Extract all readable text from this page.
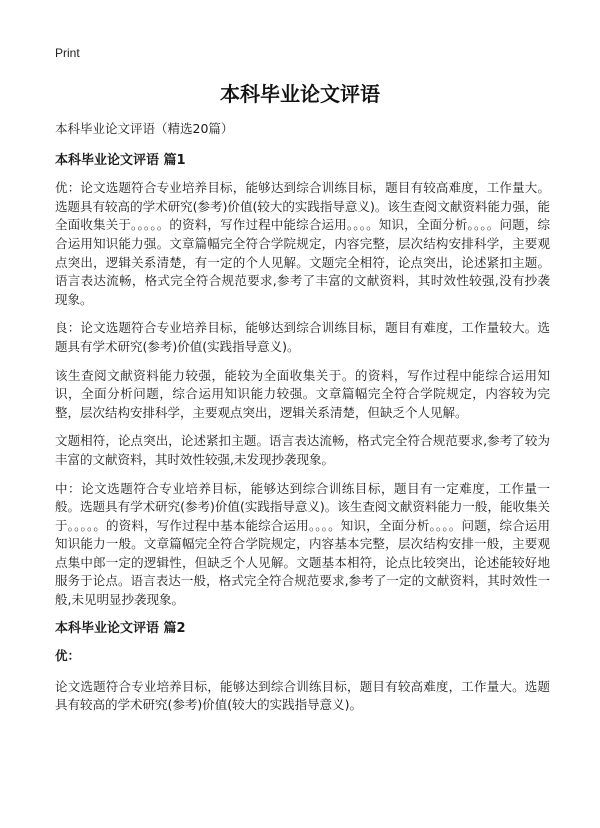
Print
本科毕业论文评语

本科毕业论文评语（精选20篇）

本科毕业论文评语 篇1

优：论文选题符合专业培养目标，能够达到综合训练目标，题目有较高难度，工作量大。选题具有较高的学术研究(参考)价值(较大的实践指导意义)。该生查阅文献资料能力强，能全面收集关于。。。。。的资料，写作过程中能综合运用。。。。知识，全面分析。。。。问题，综合运用知识能力强。文章篇幅完全符合学院规定，内容完整，层次结构安排科学，主要观点突出，逻辑关系清楚，有一定的个人见解。文题完全相符，论点突出，论述紧扣主题。语言表达流畅，格式完全符合规范要求,参考了丰富的文献资料，其时效性较强,没有抄袭现象。

良：论文选题符合专业培养目标，能够达到综合训练目标，题目有难度，工作量较大。选题具有学术研究(参考)价值(实践指导意义)。

该生查阅文献资料能力较强，能较为全面收集关于。的资料，写作过程中能综合运用知识，全面分析问题，综合运用知识能力较强。文章篇幅完全符合学院规定，内容较为完整，层次结构安排科学，主要观点突出，逻辑关系清楚，但缺乏个人见解。

文题相符，论点突出，论述紧扣主题。语言表达流畅，格式完全符合规范要求,参考了较为丰富的文献资料，其时效性较强,未发现抄袭现象。

中：论文选题符合专业培养目标，能够达到综合训练目标，题目有一定难度，工作量一般。选题具有学术研究(参考)价值(实践指导意义)。该生查阅文献资料能力一般，能收集关于。。。。。的资料，写作过程中基本能综合运用。。。。知识，全面分析。。。。问题，综合运用知识能力一般。文章篇幅完全符合学院规定，内容基本完整，层次结构安排一般，主要观点集中郎一定的逻辑性，但缺乏个人见解。文题基本相符，论点比较突出，论述能较好地服务于论点。语言表达一般，格式完全符合规范要求,参考了一定的文献资料，其时效性一般,未见明显抄袭现象。

本科毕业论文评语 篇2

优：

论文选题符合专业培养目标，能够达到综合训练目标，题目有较高难度，工作量大。选题具有较高的学术研究(参考)价值(较大的实践指导意义)。
